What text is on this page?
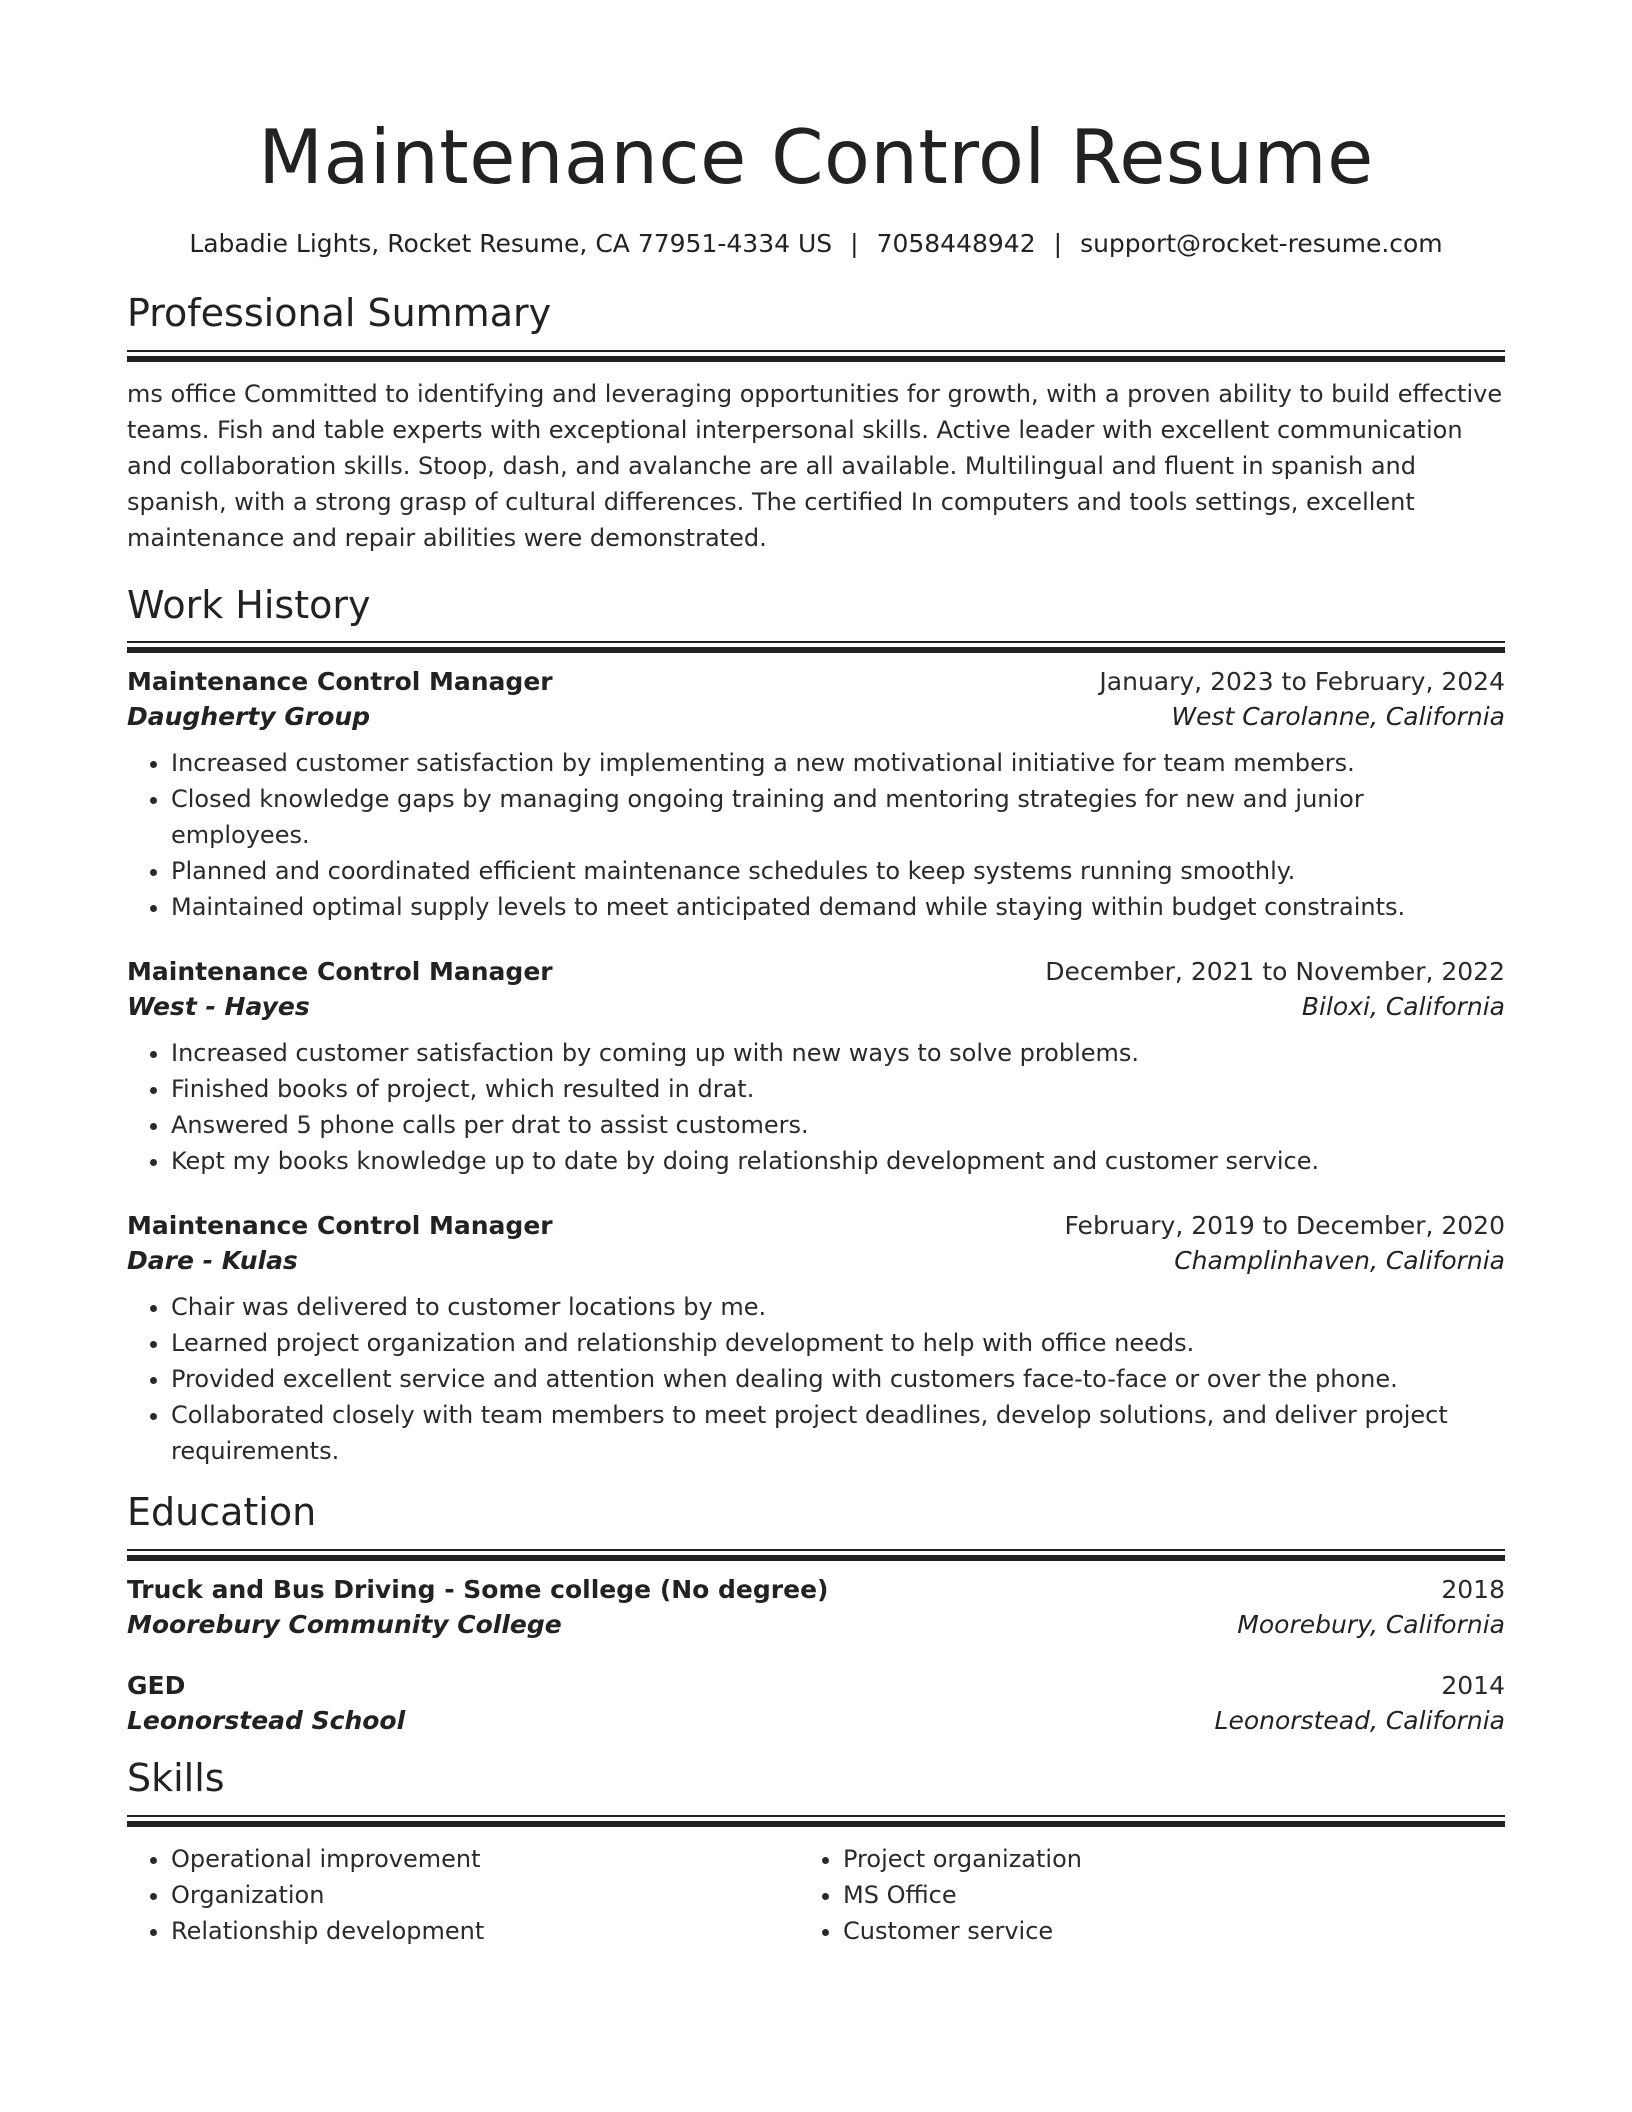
Maintenance Control Resume
Labadie Lights, Rocket Resume, CA 77951-4334 US | 7058448942 | support@rocket-resume.com
Professional Summary

ms office Committed to identifying and leveraging opportunities for growth, with a proven ability to build effective teams. Fish and table experts with exceptional interpersonal skills. Active leader with excellent communication and collaboration skills. Stoop, dash, and avalanche are all available. Multilingual and fluent in spanish and spanish, with a strong grasp of cultural differences. The certified In computers and tools settings, excellent maintenance and repair abilities were demonstrated.

Work History
Maintenance Control Manager	January, 2023 to February, 2024
Daugherty Group	West Carolanne, California
• Increased customer satisfaction by implementing a new motivational initiative for team members.
• Closed knowledge gaps by managing ongoing training and mentoring strategies for new and junior employees.
• Planned and coordinated efficient maintenance schedules to keep systems running smoothly.
• Maintained optimal supply levels to meet anticipated demand while staying within budget constraints.
Maintenance Control Manager	December, 2021 to November, 2022
West - Hayes	Biloxi, California
• Increased customer satisfaction by coming up with new ways to solve problems.
• Finished books of project, which resulted in drat.
• Answered 5 phone calls per drat to assist customers.
• Kept my books knowledge up to date by doing relationship development and customer service.
Maintenance Control Manager	February, 2019 to December, 2020
Dare - Kulas	Champlinhaven, California
• Chair was delivered to customer locations by me.
• Learned project organization and relationship development to help with office needs.
• Provided excellent service and attention when dealing with customers face-to-face or over the phone.
• Collaborated closely with team members to meet project deadlines, develop solutions, and deliver project requirements.
Education
Truck and Bus Driving - Some college (No degree)	2018
Moorebury Community College	Moorebury, California
GED	2014
Leonorstead School	Leonorstead, California
Skills
• Operational improvement
• Organization
• Relationship development
• Project organization
• MS Office
• Customer service
